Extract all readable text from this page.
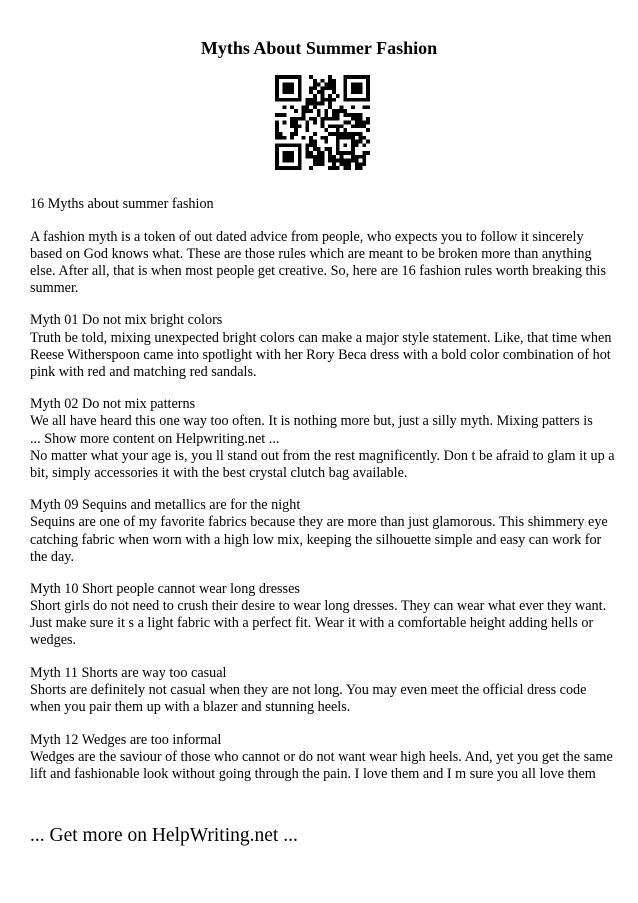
Myths About Summer Fashion

16 Myths about summer fashion

A fashion myth is a token of out dated advice from people, who expects you to follow it sincerely based on God knows what. These are those rules which are meant to be broken more than anything else. After all, that is when most people get creative. So, here are 16 fashion rules worth breaking this summer.

Myth 01 Do not mix bright colors
Truth be told, mixing unexpected bright colors can make a major style statement. Like, that time when Reese Witherspoon came into spotlight with her Rory Beca dress with a bold color combination of hot pink with red and matching red sandals.

Myth 02 Do not mix patterns
We all have heard this one way too often. It is nothing more but, just a silly myth. Mixing patters is
... Show more content on Helpwriting.net ...
No matter what your age is, you ll stand out from the rest magnificently. Don t be afraid to glam it up a bit, simply accessories it with the best crystal clutch bag available.

Myth 09 Sequins and metallics are for the night
Sequins are one of my favorite fabrics because they are more than just glamorous. This shimmery eye catching fabric when worn with a high low mix, keeping the silhouette simple and easy can work for the day.

Myth 10 Short people cannot wear long dresses
Short girls do not need to crush their desire to wear long dresses. They can wear what ever they want. Just make sure it s a light fabric with a perfect fit. Wear it with a comfortable height adding hells or wedges.

Myth 11 Shorts are way too casual
Shorts are definitely not casual when they are not long. You may even meet the official dress code when you pair them up with a blazer and stunning heels.

Myth 12 Wedges are too informal
Wedges are the saviour of those who cannot or do not want wear high heels. And, yet you get the same lift and fashionable look without going through the pain. I love them and I m sure you all love them

... Get more on HelpWriting.net ...
